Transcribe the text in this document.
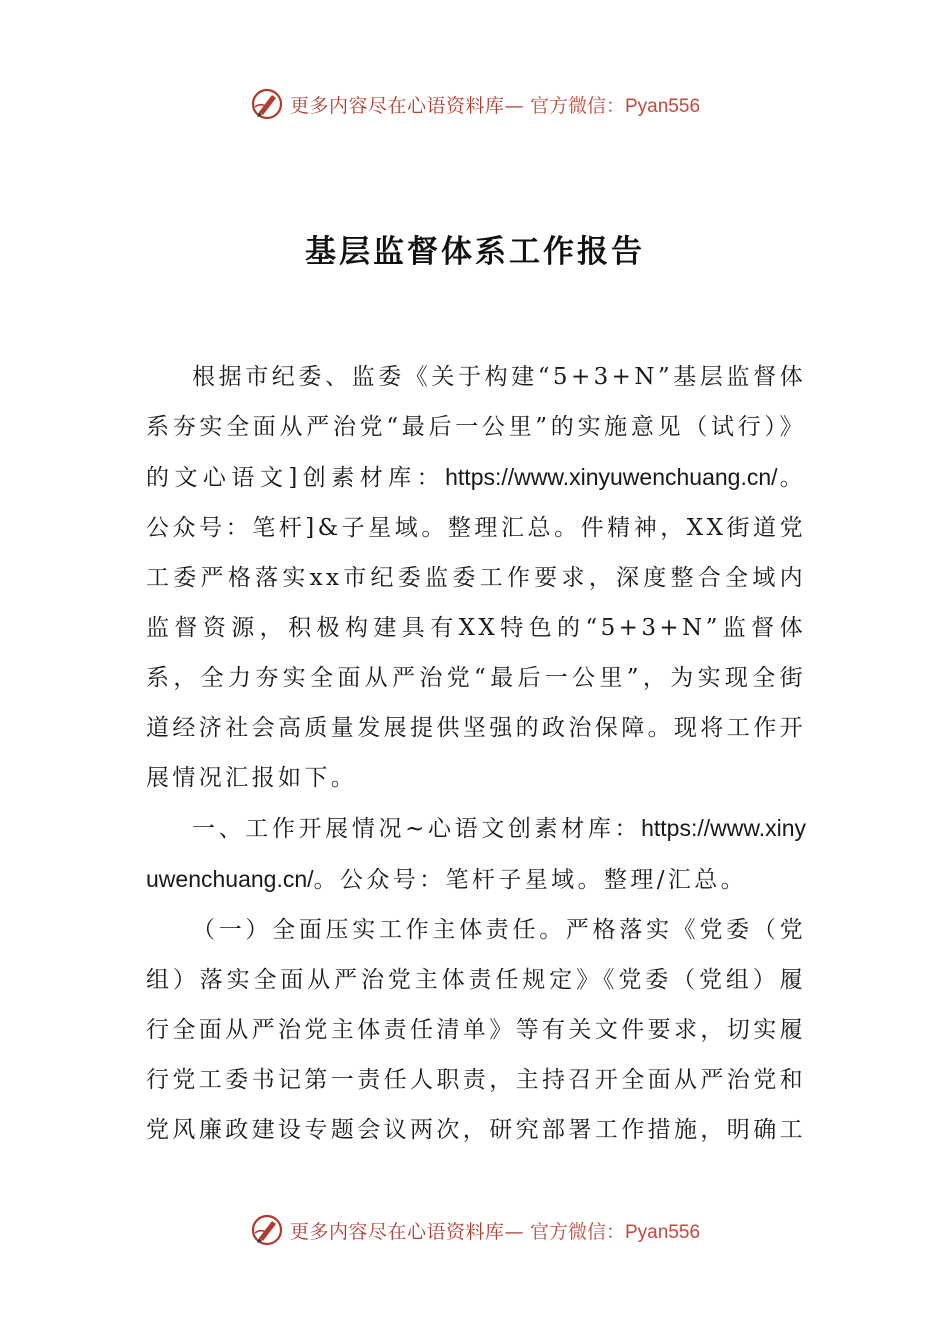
更多内容尽在心语资料库— 官方微信：Pyan556
基层监督体系工作报告

根据市纪委、监委《关于构建“5+3+N”基层监督体系夯实全面从严治党“最后一公里”的实施意见（试行）》的文心语文]创素材库：https://www.xinyuwenchuang.cn/。公众号：笔杆]&子星域。整理汇总。件精神，XX街道党工委严格落实xx市纪委监委工作要求，深度整合全域内监督资源，积极构建具有XX特色的“5+3+N”监督体系，全力夯实全面从严治党“最后一公里”，为实现全街道经济社会高质量发展提供坚强的政治保障。现将工作开展情况汇报如下。

一、工作开展情况~心语文创素材库：https://www.xinyuwenchuang.cn/。公众号：笔杆子星域。整理/汇总。

（一）全面压实工作主体责任。严格落实《党委（党组）落实全面从严治党主体责任规定》《党委（党组）履行全面从严治党主体责任清单》等有关文件要求，切实履行党工委书记第一责任人职责，主持召开全面从严治党和党风廉政建设专题会议两次，研究部署工作措施，明确工

更多内容尽在心语资料库— 官方微信：Pyan556
